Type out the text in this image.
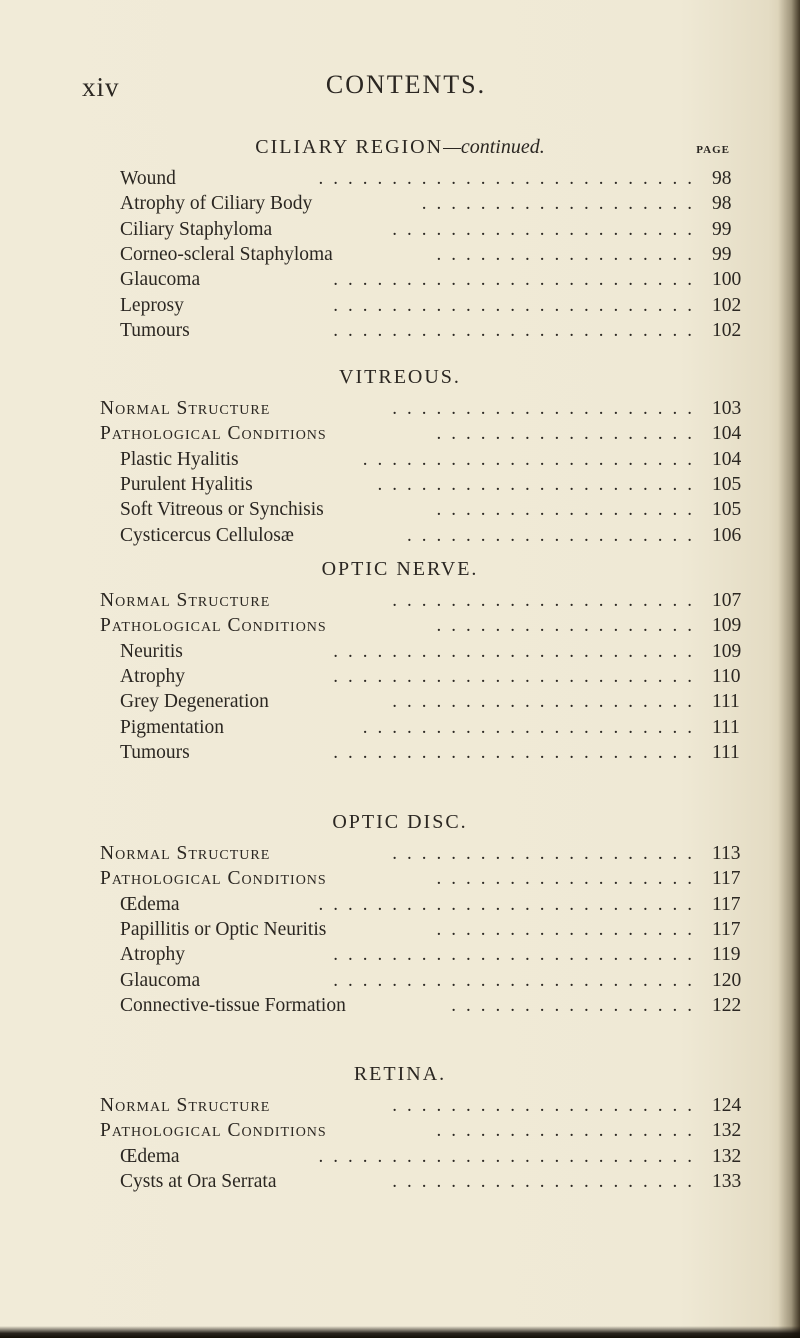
xiv	CONTENTS.
PAGE
CILIARY REGION—continued.
Wound	.......................... 98
Atrophy of Ciliary Body	................... 98
Ciliary Staphyloma	..................... 99
Corneo-scleral Staphyloma	.................. 99
Glaucoma	......................... 100
Leprosy	......................... 102
Tumours	......................... 102
VITREOUS.
Normal Structure	..................... 103
Pathological Conditions	.................. 104
Plastic Hyalitis	....................... 104
Purulent Hyalitis	...................... 105
Soft Vitreous or Synchisis	.................. 105
Cysticercus Cellulosæ	.................... 106
OPTIC NERVE.
Normal Structure	..................... 107
Pathological Conditions	.................. 109
Neuritis	......................... 109
Atrophy	......................... 110
Grey Degeneration	..................... 111
Pigmentation	....................... 111
Tumours	......................... 111
OPTIC DISC.
Normal Structure	..................... 113
Pathological Conditions	.................. 117
Œdema	.......................... 117
Papillitis or Optic Neuritis	.................. 117
Atrophy	......................... 119
Glaucoma	......................... 120
Connective-tissue Formation	................. 122
RETINA.
Normal Structure	..................... 124
Pathological Conditions	.................. 132
Œdema	.......................... 132
Cysts at Ora Serrata	..................... 133
